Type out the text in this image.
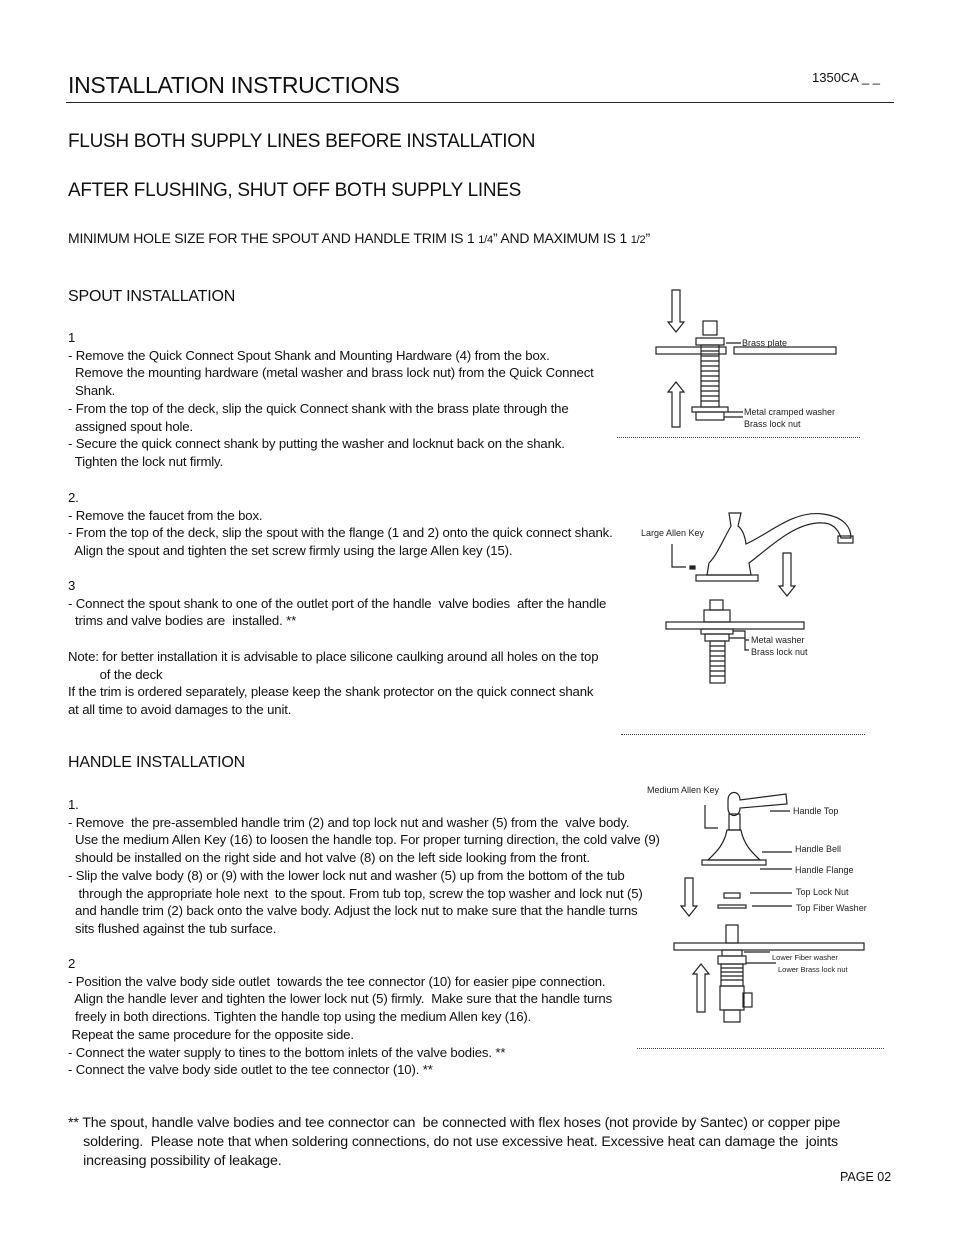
INSTALLATION INSTRUCTIONS	1350CA _ _
FLUSH BOTH SUPPLY LINES BEFORE INSTALLATION
AFTER FLUSHING, SHUT OFF BOTH SUPPLY LINES
MINIMUM HOLE SIZE FOR THE SPOUT AND HANDLE TRIM IS 1 1/4” AND MAXIMUM IS 1 1/2”
SPOUT INSTALLATION
1
- Remove the Quick Connect Spout Shank and Mounting Hardware (4) from the box.
Remove the mounting hardware (metal washer and brass lock nut) from the Quick Connect
Shank.
- From the top of the deck, slip the quick Connect shank with the brass plate through the
assigned spout hole.
- Secure the quick connect shank by putting the washer and locknut back on the shank.
Tighten the lock nut firmly.
2.
- Remove the faucet from the box.
- From the top of the deck, slip the spout with the flange (1 and 2) onto the quick connect shank.
Align the spout and tighten the set screw firmly using the large Allen key (15).
3
- Connect the spout shank to one of the outlet port of the handle  valve bodies  after the handle
trims and valve bodies are  installed. **
Note: for better installation it is advisable to place silicone caulking around all holes on the top
of the deck
If the trim is ordered separately, please keep the shank protector on the quick connect shank
at all time to avoid damages to the unit.
HANDLE INSTALLATION
1.
- Remove  the pre-assembled handle trim (2) and top lock nut and washer (5) from the  valve body.
Use the medium Allen Key (16) to loosen the handle top. For proper turning direction, the cold valve (9)
should be installed on the right side and hot valve (8) on the left side looking from the front.
- Slip the valve body (8) or (9) with the lower lock nut and washer (5) up from the bottom of the tub
through the appropriate hole next  to the spout. From tub top, screw the top washer and lock nut (5)
and handle trim (2) back onto the valve body. Adjust the lock nut to make sure that the handle turns
sits flushed against the tub surface.
2
- Position the valve body side outlet  towards the tee connector (10) for easier pipe connection.
Align the handle lever and tighten the lower lock nut (5) firmly.  Make sure that the handle turns
freely in both directions. Tighten the handle top using the medium Allen key (16).
Repeat the same procedure for the opposite side.
- Connect the water supply to tines to the bottom inlets of the valve bodies. **
- Connect the valve body side outlet to the tee connector (10). **
** The spout, handle valve bodies and tee connector can  be connected with flex hoses (not provide by Santec) or copper pipe
soldering.  Please note that when soldering connections, do not use excessive heat. Excessive heat can damage the  joints
increasing possibility of leakage.
PAGE 02
Brass plate
Metal cramped washer
Brass lock nut
Large Allen Key
Metal washer
Brass lock nut
Medium Allen Key
Handle Top
Handle Bell
Handle Flange
Top Lock Nut
Top Fiber Washer
Lower Fiber washer
Lower Brass lock nut
